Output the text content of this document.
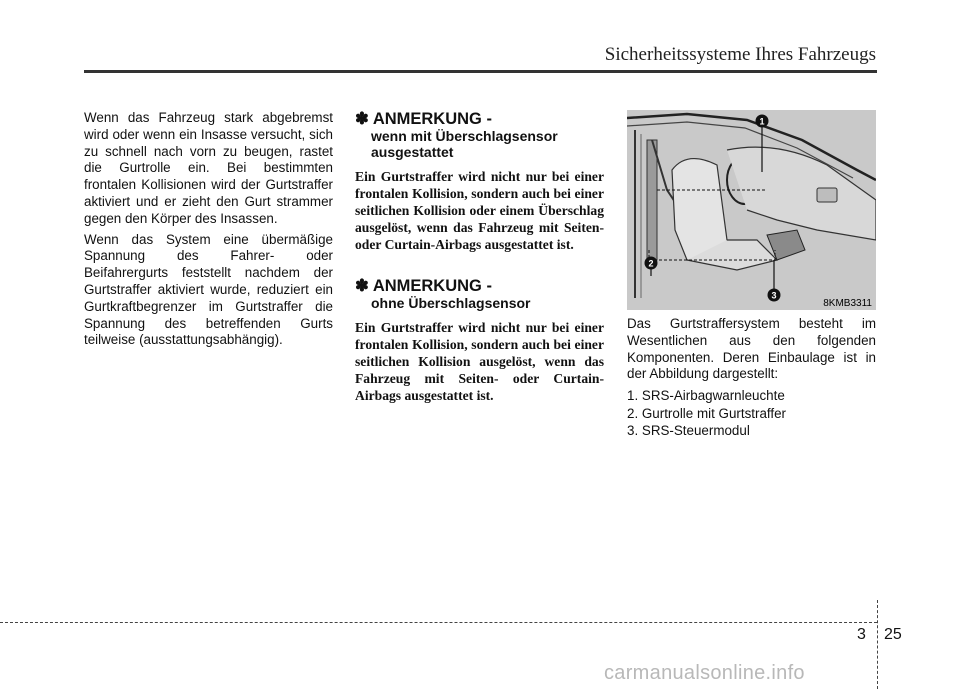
Sicherheitssysteme Ihres Fahrzeugs

Wenn das Fahrzeug stark abgebremst wird oder wenn ein Insasse versucht, sich zu schnell nach vorn zu beugen, rastet die Gurtrolle ein. Bei bestimmten frontalen Kollisionen wird der Gurtstraffer aktiviert und er zieht den Gurt strammer gegen den Körper des Insassen.

Wenn das System eine übermäßige Spannung des Fahrer- oder Beifahrergurts feststellt nachdem der Gurtstraffer aktiviert wurde, reduziert ein Gurtkraftbegrenzer im Gurtstraffer die Spannung des betreffenden Gurts teilweise (ausstattungsabhängig).

✽ ANMERKUNG -
wenn mit Überschlagsensor
ausgestattet

Ein Gurtstraffer wird nicht nur bei einer frontalen Kollision, sondern auch bei einer seitlichen Kollision oder einem Überschlag ausgelöst, wenn das Fahrzeug mit Seiten- oder Curtain-Airbags ausgestattet ist.

✽ ANMERKUNG -
ohne Überschlagsensor

Ein Gurtstraffer wird nicht nur bei einer frontalen Kollision, sondern auch bei einer seitlichen Kollision ausgelöst, wenn das Fahrzeug mit Seiten- oder Curtain-Airbags ausgestattet ist.

1
2
3
8KMB3311

Das Gurtstraffersystem besteht im Wesentlichen aus den folgenden Komponenten. Deren Einbaulage ist in der Abbildung dargestellt:

1. SRS-Airbagwarnleuchte
2. Gurtrolle mit Gurtstraffer
3. SRS-Steuermodul
3 25
carmanualsonline.info
